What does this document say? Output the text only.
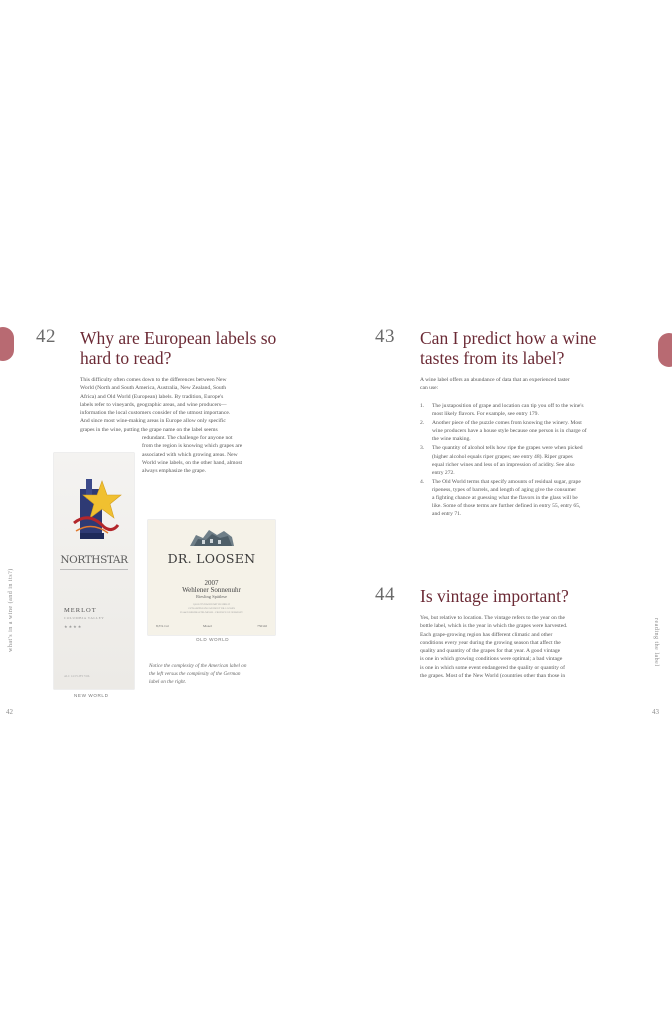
42 Why are European labels so
hard to read?

This difficulty often comes down to the differences between New

World (North and South America, Australia, New Zealand, South

Africa) and Old World (European) labels. By tradition, Europe's

labels refer to vineyards, geographic areas, and wine producers—

information the local customers consider of the utmost importance.

And since most wine-making areas in Europe allow only specific

grapes in the wine, putting the grape name on the label seems

redundant. The challenge for anyone not

from the region is knowing which grapes are

associated with which growing areas. New

World wine labels, on the other hand, almost

always emphasize the grape.

NORTHSTAR
MERLOT
COLUMBIA VALLEY
★★★★
ALC 14.5% BY VOL
NEW WORLD
DR. LOOSEN
2007
Wehlener Sonnenuhr
Riesling Spätlese
QUALITÄTSWEIN MIT PRÄDIKAT
GUTSABFÜLLUNG WEINGUT DR. LOOSEN
D-54470 BERNKASTEL/MOSEL · PRODUCE OF GERMANY
8,5% vol	Mosel	750 ml
OLD WORLD
Notice the complexity of the American label on
the left versus the complexity of the German
label on the right.
what's in a wine (and in its?)
42
43 Can I predict how a wine
tastes from its label?

A wine label offers an abundance of data that an experienced taster

can use:

1. The juxtaposition of grape and location can tip you off to the wine's
most likely flavors. For example, see entry 179.
2. Another piece of the puzzle comes from knowing the winery. Most
wine producers have a house style because one person is in charge of
the wine making.
3. The quantity of alcohol tells how ripe the grapes were when picked
(higher alcohol equals riper grapes; see entry 48). Riper grapes
equal richer wines and less of an impression of acidity. See also
entry 272.
4. The Old World terms that specify amounts of residual sugar, grape
ripeness, types of barrels, and length of aging give the consumer
a fighting chance at guessing what the flavors in the glass will be
like. Some of those terms are further defined in entry 55, entry 65,
and entry 71.
44 Is vintage important?

Yes, but relative to location. The vintage refers to the year on the

bottle label, which is the year in which the grapes were harvested.

Each grape-growing region has different climatic and other

conditions every year during the growing season that affect the

quality and quantity of the grapes for that year. A good vintage

is one in which growing conditions were optimal; a bad vintage

is one in which some event endangered the quality or quantity of

the grapes. Most of the New World (countries other than those in

reading the label
43
